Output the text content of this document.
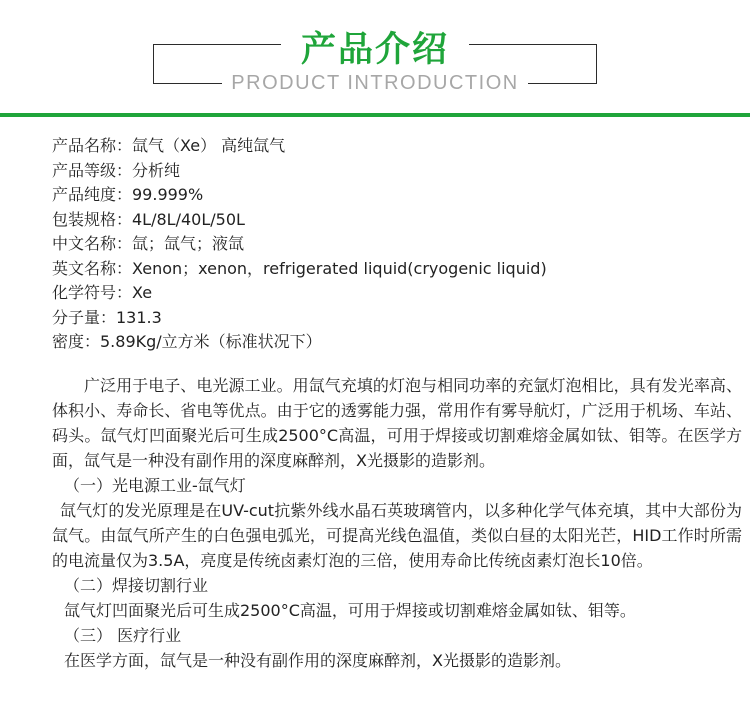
产品介绍
PRODUCT INTRODUCTION
产品名称：氙气（Xe） 高纯氙气
产品等级：分析纯
产品纯度：99.999%
包装规格：4L/8L/40L/50L
中文名称：氙；氙气；液氙
英文名称：Xenon；xenon，refrigerated liquid(cryogenic liquid)
化学符号：Xe
分子量：131.3
密度：5.89Kg/立方米（标准状况下）

广泛用于电子、电光源工业。用氙气充填的灯泡与相同功率的充氩灯泡相比，具有发光率高、体积小、寿命长、省电等优点。由于它的透雾能力强，常用作有雾导航灯，广泛用于机场、车站、码头。氙气灯凹面聚光后可生成2500°C高温，可用于焊接或切割难熔金属如钛、钼等。在医学方面，氙气是一种没有副作用的深度麻醉剂，X光摄影的造影剂。

（一）光电源工业-氙气灯

氙气灯的发光原理是在UV-cut抗紫外线水晶石英玻璃管内，以多种化学气体充填，其中大部份为氙气。由氙气所产生的白色强电弧光，可提高光线色温值，类似白昼的太阳光芒，HID工作时所需的电流量仅为3.5A，亮度是传统卤素灯泡的三倍，使用寿命比传统卤素灯泡长10倍。

（二）焊接切割行业

氙气灯凹面聚光后可生成2500°C高温，可用于焊接或切割难熔金属如钛、钼等。

（三） 医疗行业

在医学方面，氙气是一种没有副作用的深度麻醉剂，X光摄影的造影剂。
